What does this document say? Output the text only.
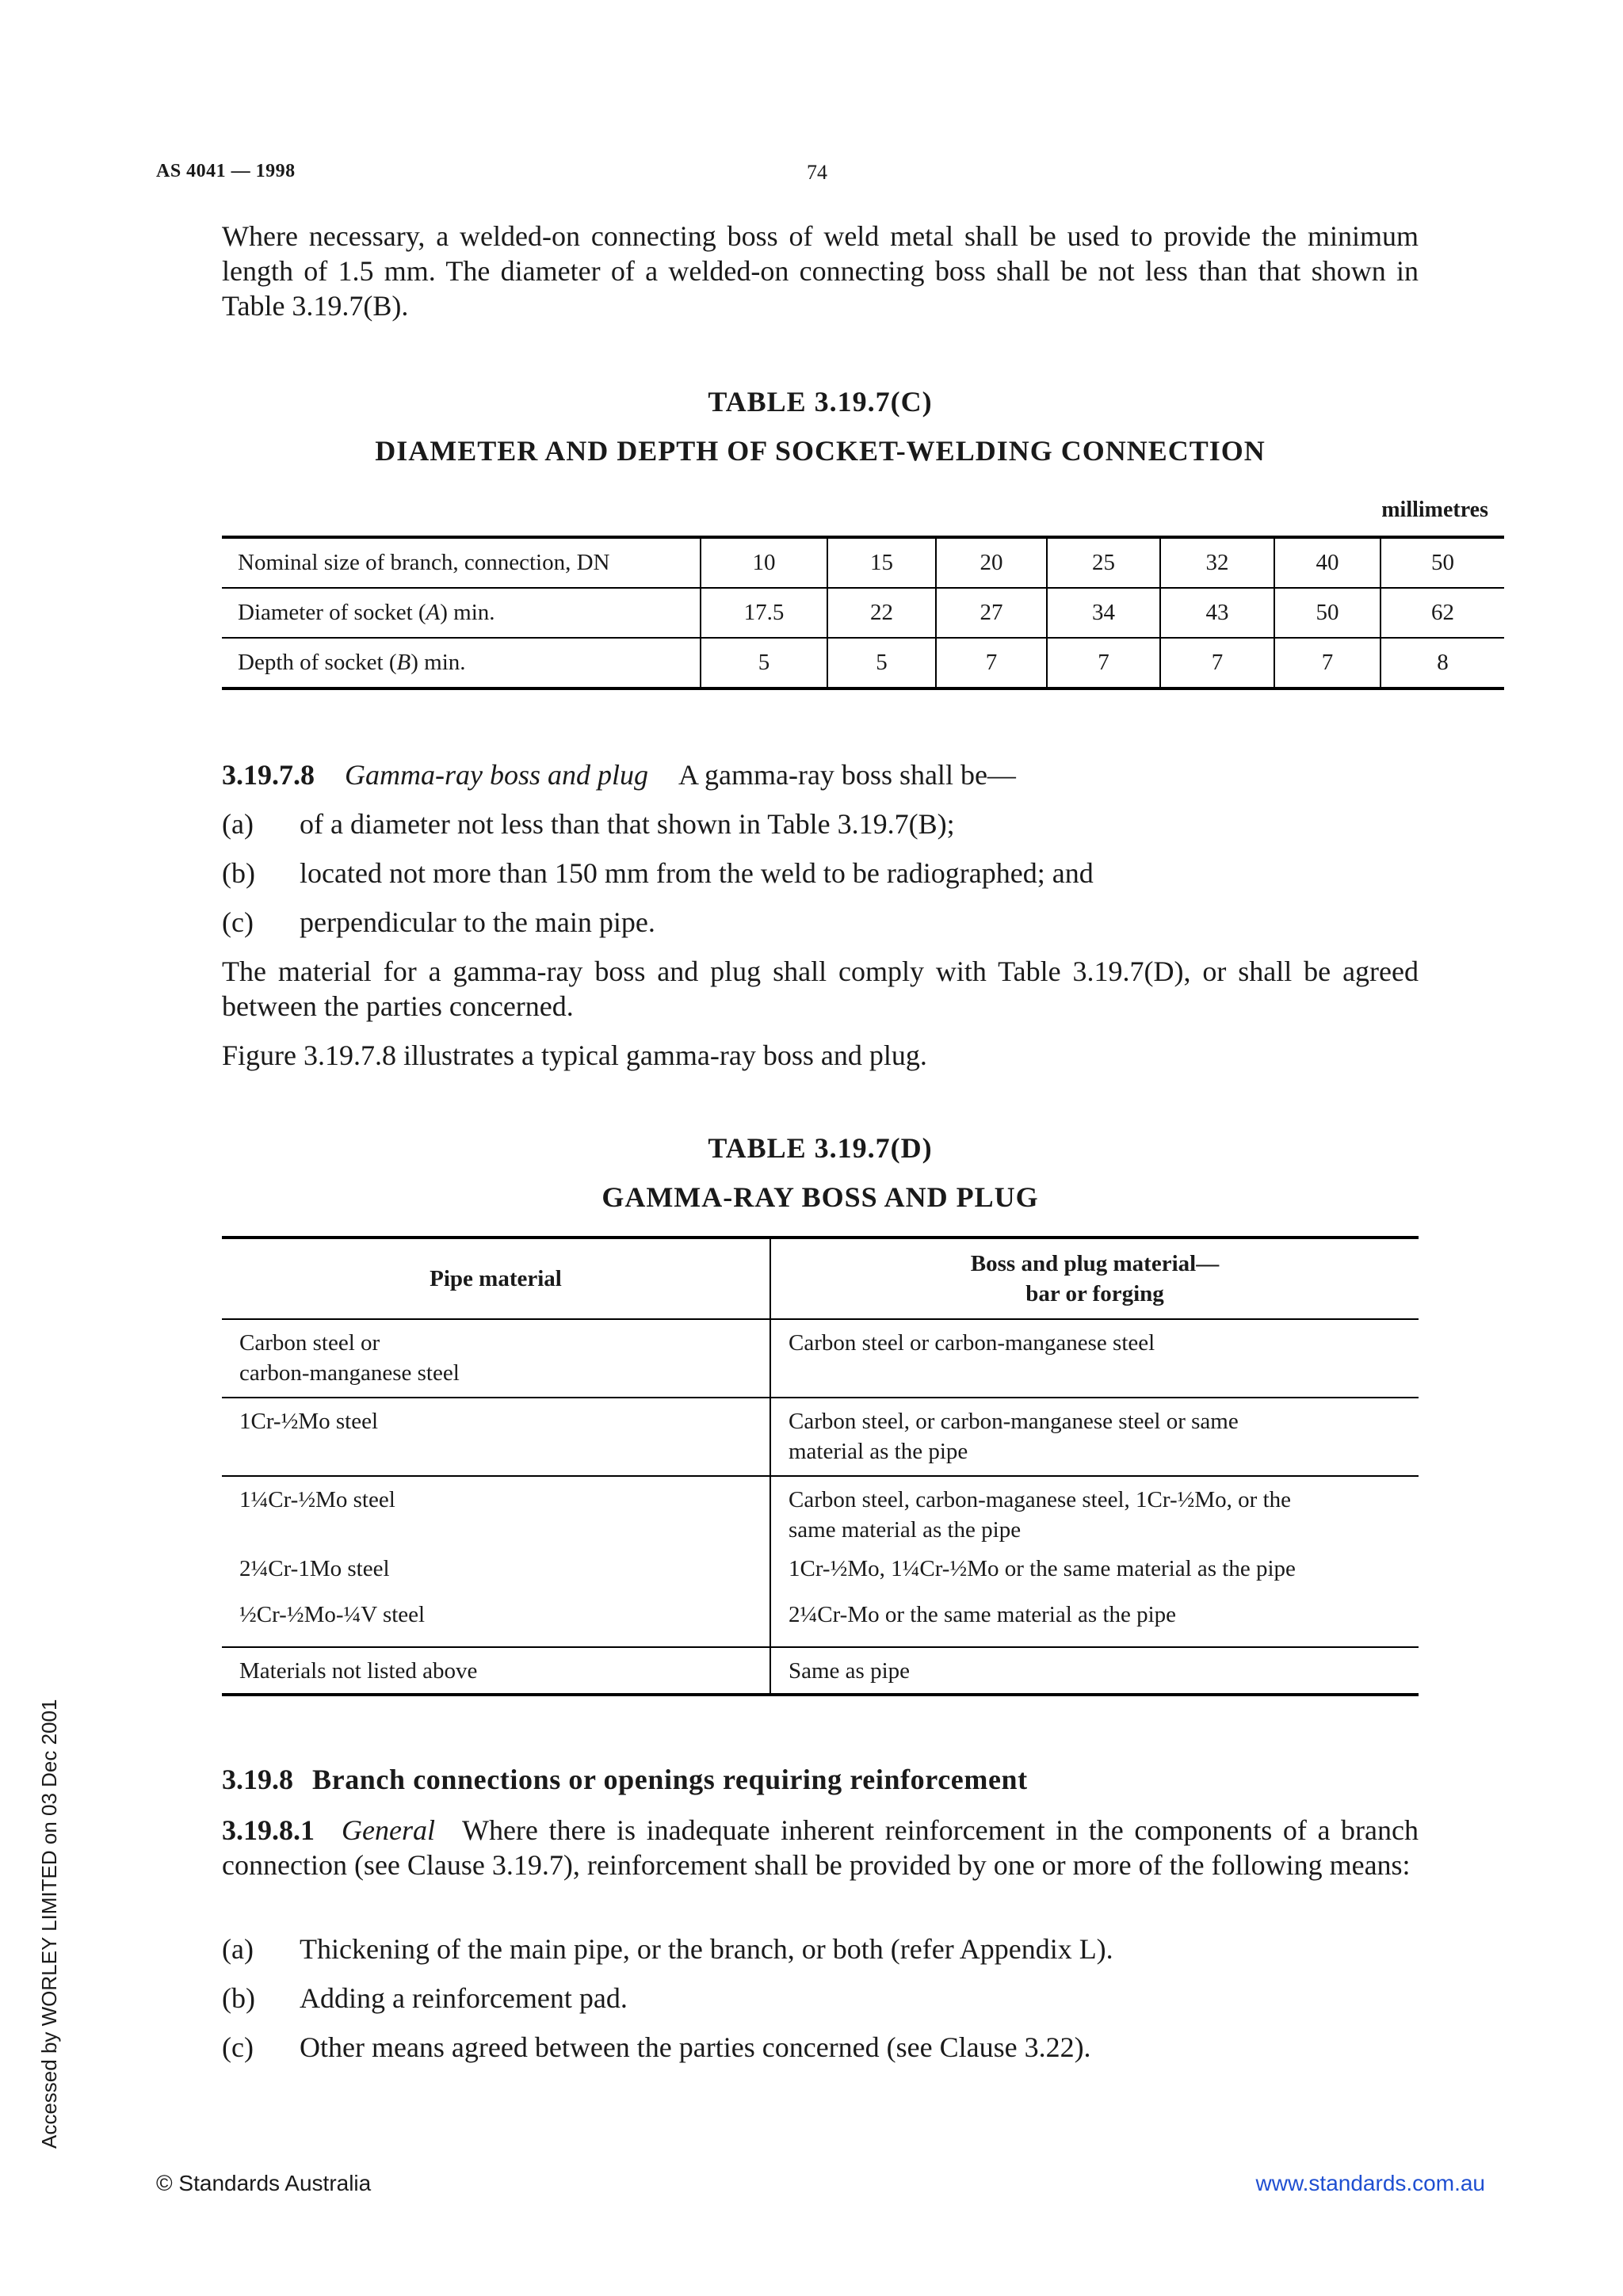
AS 4041 — 1998	74
Where necessary, a welded-on connecting boss of weld metal shall be used to provide the minimum length of 1.5 mm. The diameter of a welded-on connecting boss shall be not less than that shown in Table 3.19.7(B).
TABLE 3.19.7(C)
DIAMETER AND DEPTH OF SOCKET-WELDING CONNECTION
millimetres
Nominal size of branch, connection, DN	10	15	20	25	32	40	50
Diameter of socket (A) min.	17.5	22	27	34	43	50	62
Depth of socket (B) min.	5	5	7	7	7	7	8
3.19.7.8 Gamma-ray boss and plug A gamma-ray boss shall be—
(a) of a diameter not less than that shown in Table 3.19.7(B);
(b) located not more than 150 mm from the weld to be radiographed; and
(c) perpendicular to the main pipe.
The material for a gamma-ray boss and plug shall comply with Table 3.19.7(D), or shall be agreed between the parties concerned.
Figure 3.19.7.8 illustrates a typical gamma-ray boss and plug.
TABLE 3.19.7(D)
GAMMA-RAY BOSS AND PLUG
Pipe material	Boss and plug material—
bar or forging

Carbon steel or
carbon-manganese steel	Carbon steel or carbon-manganese steel

1Cr-½Mo steel	Carbon steel, or carbon-manganese steel or same
material as the pipe

1¼Cr-½Mo steel	Carbon steel, carbon-maganese steel, 1Cr-½Mo, or the
same material as the pipe

2¼Cr-1Mo steel	1Cr-½Mo, 1¼Cr-½Mo or the same material as the pipe

½Cr-½Mo-¼V steel	2¼Cr-Mo or the same material as the pipe

Materials not listed above	Same as pipe
3.19.8 Branch connections or openings requiring reinforcement
3.19.8.1 General Where there is inadequate inherent reinforcement in the components of a branch connection (see Clause 3.19.7), reinforcement shall be provided by one or more of the following means:
(a) Thickening of the main pipe, or the branch, or both (refer Appendix L).
(b) Adding a reinforcement pad.
(c) Other means agreed between the parties concerned (see Clause 3.22).
© Standards Australia	www.standards.com.au
Accessed by WORLEY LIMITED on 03 Dec 2001
